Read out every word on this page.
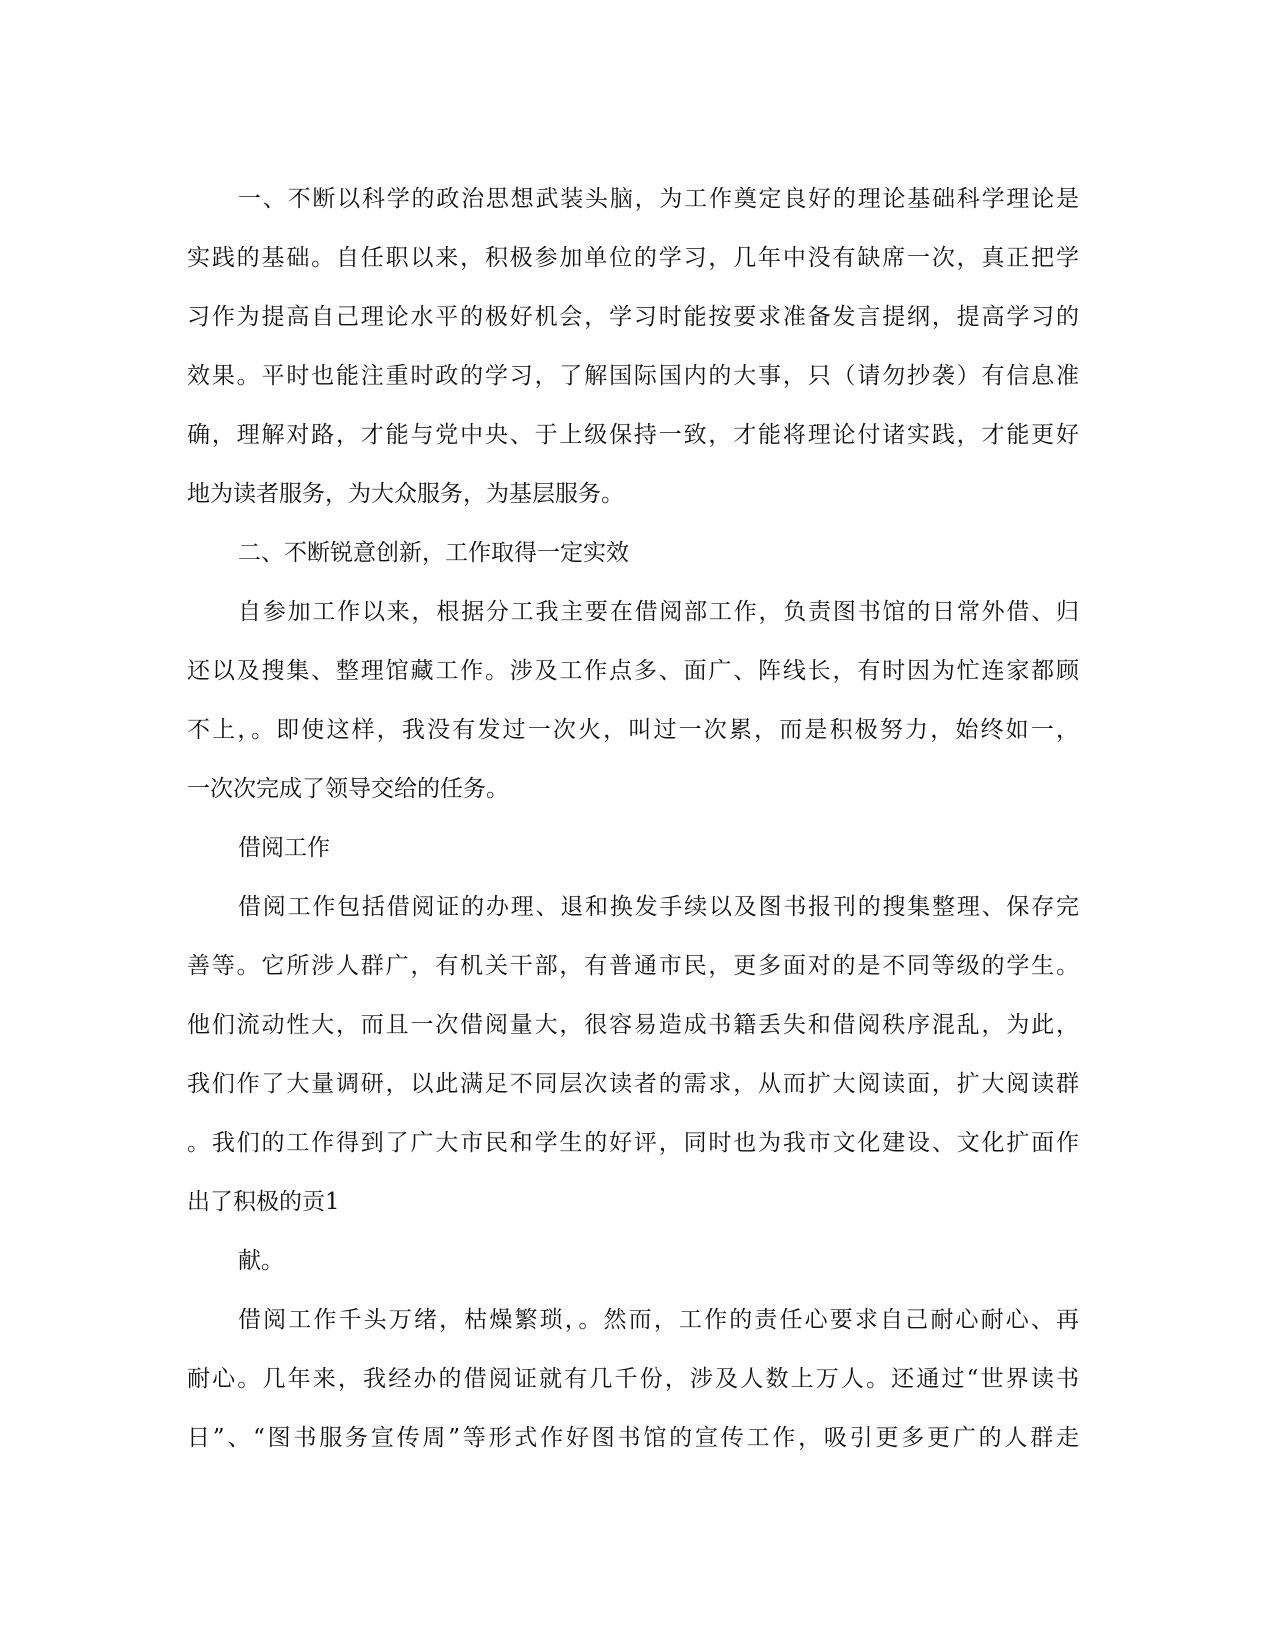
一、不断以科学的政治思想武装头脑，为工作奠定良好的理论基础科学理论是
实践的基础。自任职以来，积极参加单位的学习，几年中没有缺席一次，真正把学
习作为提高自己理论水平的极好机会，学习时能按要求准备发言提纲，提高学习的
效果。平时也能注重时政的学习，了解国际国内的大事，只（请勿抄袭）有信息准
确，理解对路，才能与党中央、于上级保持一致，才能将理论付诸实践，才能更好
地为读者服务，为大众服务，为基层服务。
二、不断锐意创新，工作取得一定实效
自参加工作以来，根据分工我主要在借阅部工作，负责图书馆的日常外借、归
还以及搜集、整理馆藏工作。涉及工作点多、面广、阵线长，有时因为忙连家都顾
不上，。即使这样，我没有发过一次火，叫过一次累，而是积极努力，始终如一，
一次次完成了领导交给的任务。
借阅工作
借阅工作包括借阅证的办理、退和换发手续以及图书报刊的搜集整理、保存完
善等。它所涉人群广，有机关干部，有普通市民，更多面对的是不同等级的学生。
他们流动性大，而且一次借阅量大，很容易造成书籍丢失和借阅秩序混乱，为此，
我们作了大量调研，以此满足不同层次读者的需求，从而扩大阅读面，扩大阅读群
。我们的工作得到了广大市民和学生的好评，同时也为我市文化建设、文化扩面作
出了积极的贡1
献。
借阅工作千头万绪，枯燥繁琐，。然而，工作的责任心要求自己耐心耐心、再
耐心。几年来，我经办的借阅证就有几千份，涉及人数上万人。还通过“世界读书
日”、“图书服务宣传周”等形式作好图书馆的宣传工作，吸引更多更广的人群走
